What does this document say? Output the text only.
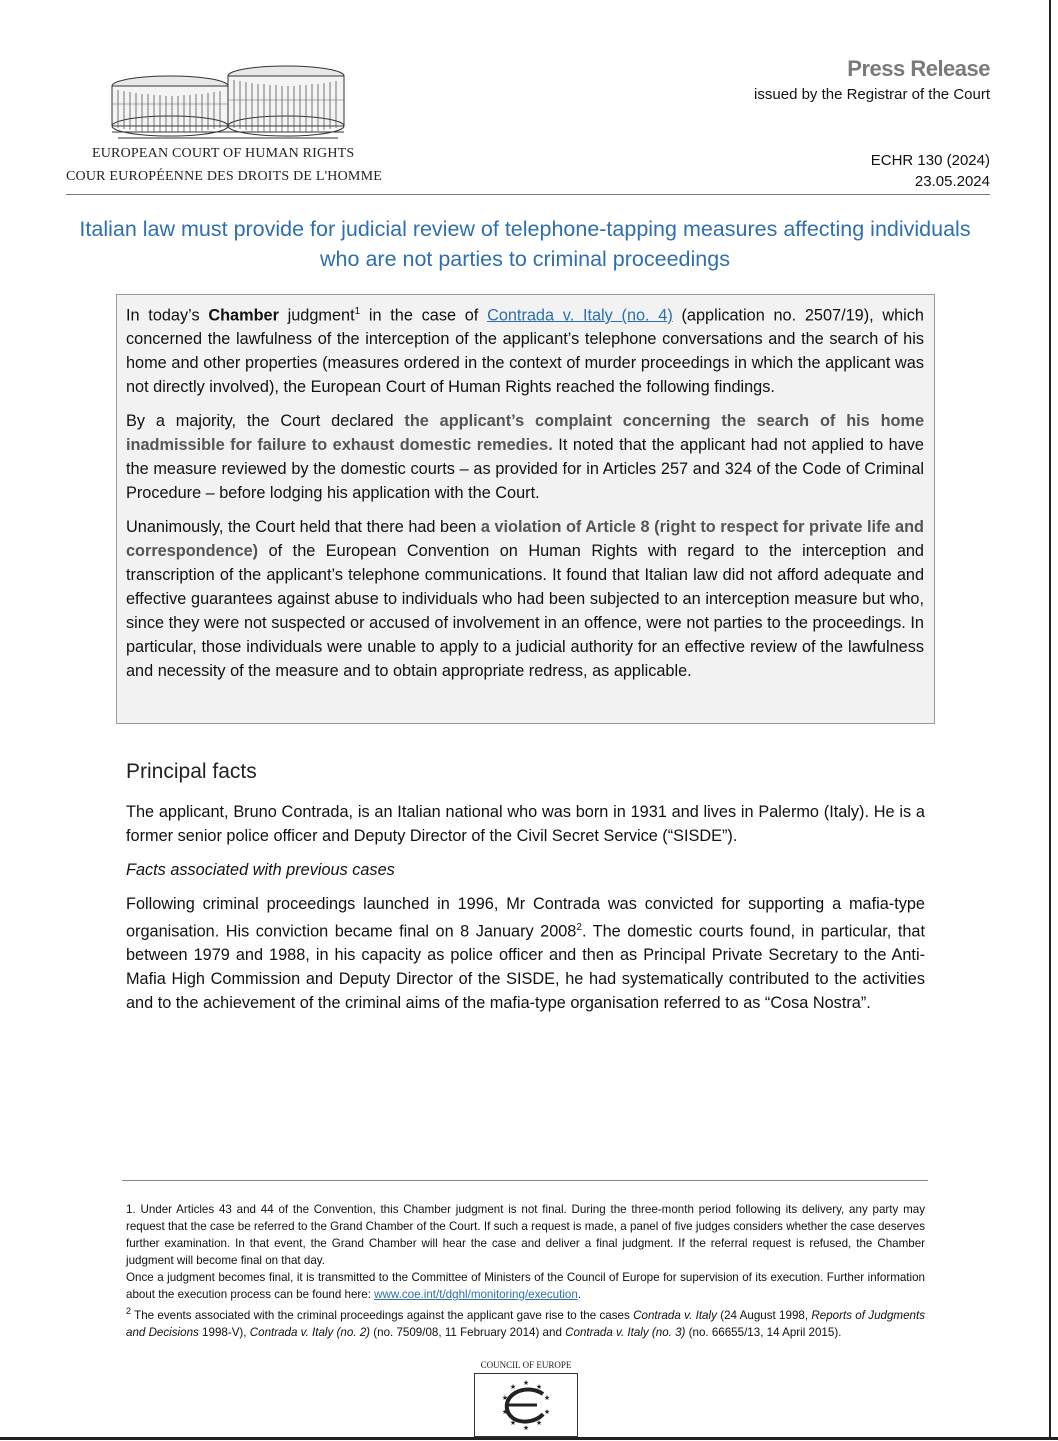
EUROPEAN COURT OF HUMAN RIGHTS
COUR EUROPÉENNE DES DROITS DE L'HOMME
Press Release
issued by the Registrar of the Court
ECHR 130 (2024)
23.05.2024
Italian law must provide for judicial review of telephone-tapping measures affecting individuals who are not parties to criminal proceedings

In today’s Chamber judgment$^1$ in the case of Contrada v. Italy (no. 4) (application no. 2507/19), which concerned the lawfulness of the interception of the applicant’s telephone conversations and the search of his home and other properties (measures ordered in the context of murder proceedings in which the applicant was not directly involved), the European Court of Human Rights reached the following findings.

By a majority, the Court declared the applicant’s complaint concerning the search of his home inadmissible for failure to exhaust domestic remedies. It noted that the applicant had not applied to have the measure reviewed by the domestic courts – as provided for in Articles 257 and 324 of the Code of Criminal Procedure – before lodging his application with the Court.

Unanimously, the Court held that there had been a violation of Article 8 (right to respect for private life and correspondence) of the European Convention on Human Rights with regard to the interception and transcription of the applicant’s telephone communications. It found that Italian law did not afford adequate and effective guarantees against abuse to individuals who had been subjected to an interception measure but who, since they were not suspected or accused of involvement in an offence, were not parties to the proceedings. In particular, those individuals were unable to apply to a judicial authority for an effective review of the lawfulness and necessity of the measure and to obtain appropriate redress, as applicable.

Principal facts

The applicant, Bruno Contrada, is an Italian national who was born in 1931 and lives in Palermo (Italy). He is a former senior police officer and Deputy Director of the Civil Secret Service (“SISDE”).

Facts associated with previous cases

Following criminal proceedings launched in 1996, Mr Contrada was convicted for supporting a mafia-type organisation. His conviction became final on 8 January 2008$^2$. The domestic courts found, in particular, that between 1979 and 1988, in his capacity as police officer and then as Principal Private Secretary to the Anti-Mafia High Commission and Deputy Director of the SISDE, he had systematically contributed to the activities and to the achievement of the criminal aims of the mafia-type organisation referred to as “Cosa Nostra”.

1. Under Articles 43 and 44 of the Convention, this Chamber judgment is not final. During the three-month period following its delivery, any party may request that the case be referred to the Grand Chamber of the Court. If such a request is made, a panel of five judges considers whether the case deserves further examination. In that event, the Grand Chamber will hear the case and deliver a final judgment. If the referral request is refused, the Chamber judgment will become final on that day.

Once a judgment becomes final, it is transmitted to the Committee of Ministers of the Council of Europe for supervision of its execution. Further information about the execution process can be found here: www.coe.int/t/dghl/monitoring/execution.

$^2$ The events associated with the criminal proceedings against the applicant gave rise to the cases Contrada v. Italy (24 August 1998, Reports of Judgments and Decisions 1998-V), Contrada v. Italy (no. 2) (no. 7509/08, 11 February 2014) and Contrada v. Italy (no. 3) (no. 66655/13, 14 April 2015).

COUNCIL OF EUROPE
★ ★
★
★
★
★
★
★
★
★
